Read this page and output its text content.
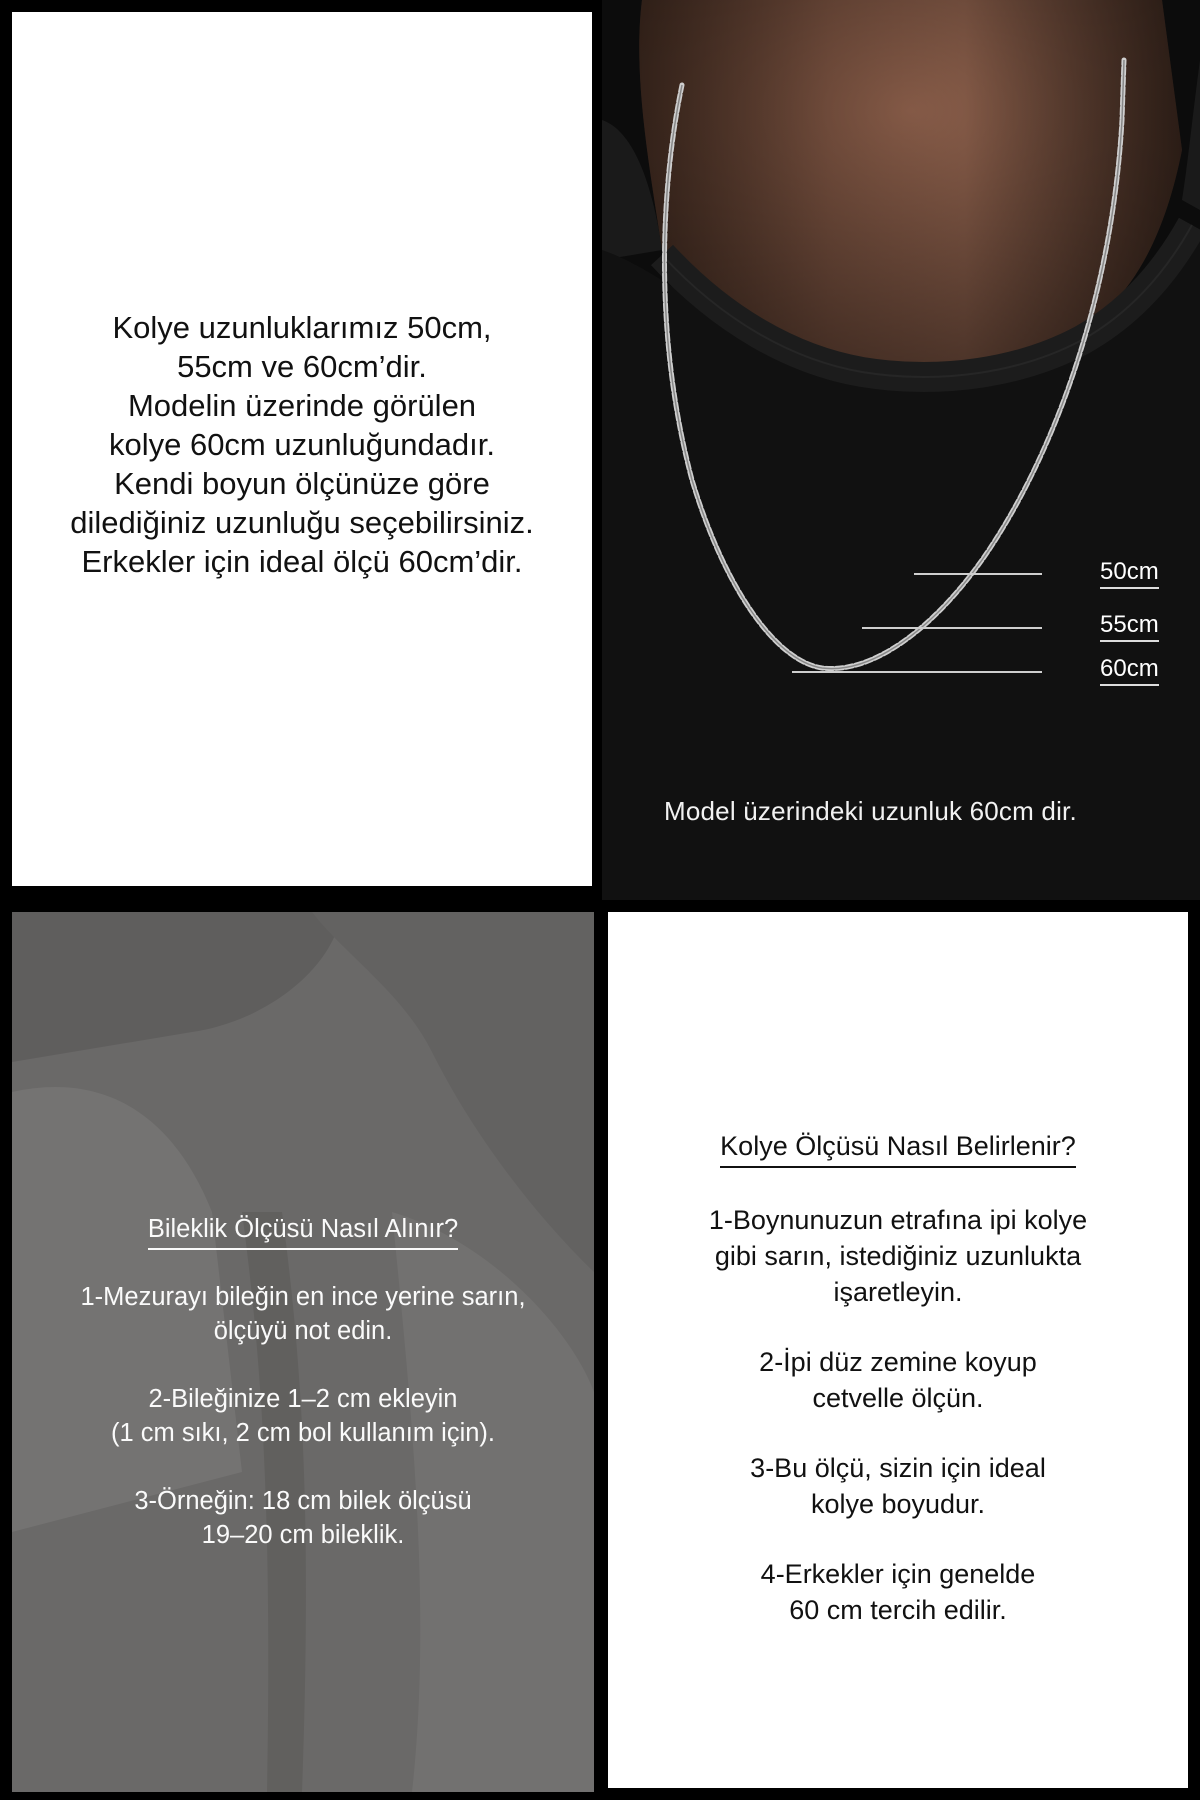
Kolye uzunluklarımız 50cm,
55cm ve 60cm’dir.
Modelin üzerinde görülen
kolye 60cm uzunluğundadır.
Kendi boyun ölçünüze göre
dilediğiniz uzunluğu seçebilirsiniz.
Erkekler için ideal ölçü 60cm’dir.	50cm
55cm
60cm
Model üzerindeki uzunluk 60cm dir.
Bileklik Ölçüsü Nasıl Alınır?
1-Mezurayı bileğin en ince yerine sarın,
ölçüyü not edin.
2-Bileğinize 1–2 cm ekleyin
(1 cm sıkı, 2 cm bol kullanım için).
3-Örneğin: 18 cm bilek ölçüsü
19–20 cm bileklik.
Kolye Ölçüsü Nasıl Belirlenir?
1-Boynunuzun etrafına ipi kolye
gibi sarın, istediğiniz uzunlukta
işaretleyin.
2-İpi düz zemine koyup
cetvelle ölçün.
3-Bu ölçü, sizin için ideal
kolye boyudur.
4-Erkekler için genelde
60 cm tercih edilir.
